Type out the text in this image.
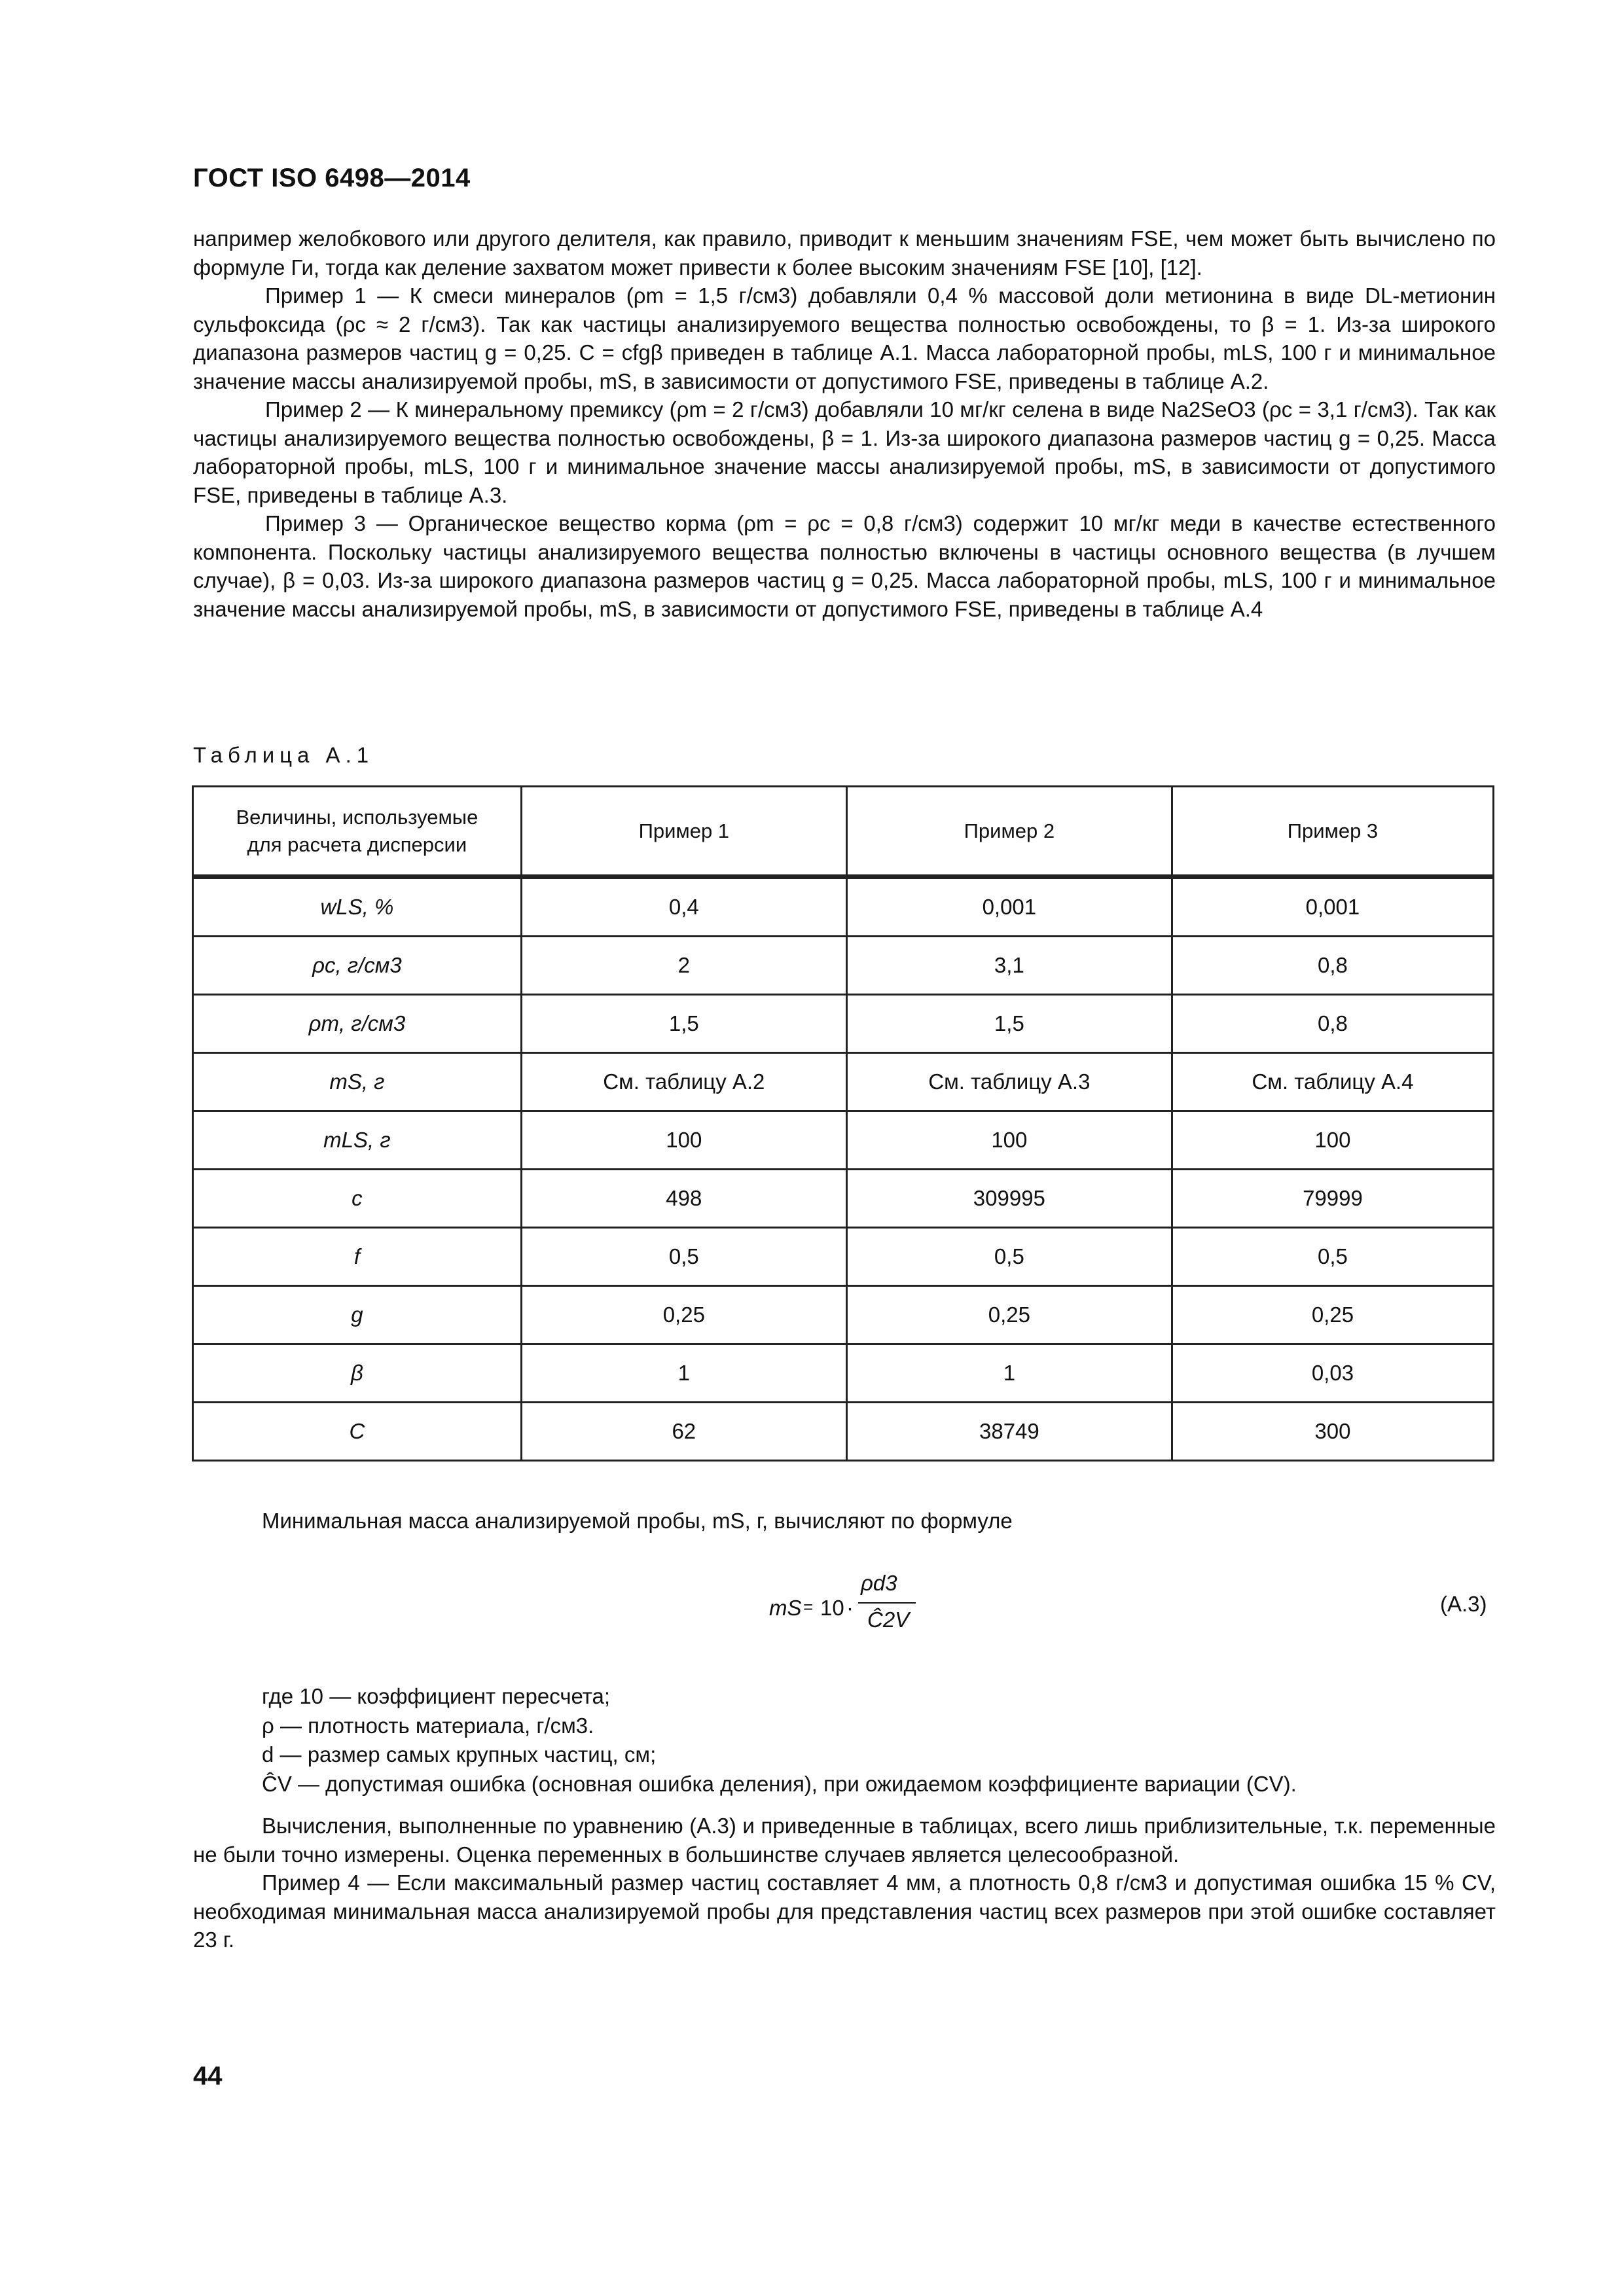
ГОСТ ISO 6498—2014

например желобкового или другого делителя, как правило, приводит к меньшим значениям FSE, чем может быть вычислено по формуле Ги, тогда как деление захватом может привести к более высоким значениям FSE [10], [12].

Пример 1 — К смеси минералов (ρm = 1,5 г/см3) добавляли 0,4 % массовой доли метионина в виде DL-метионин сульфоксида (ρc ≈ 2 г/см3). Так как частицы анализируемого вещества полностью освобождены, то β = 1. Из-за широкого диапазона размеров частиц g = 0,25. C = cfgβ приведен в таблице А.1. Масса лабораторной пробы, mLS, 100 г и минимальное значение массы анализируемой пробы, mS, в зависимости от допустимого FSE, приведены в таблице А.2.

Пример 2 — К минеральному премиксу (ρm = 2 г/см3) добавляли 10 мг/кг селена в виде Na2SeO3 (ρc = 3,1 г/см3). Так как частицы анализируемого вещества полностью освобождены, β = 1. Из-за широкого диапазона размеров частиц g = 0,25. Масса лабораторной пробы, mLS, 100 г и минимальное значение массы анализируемой пробы, mS, в зависимости от допустимого FSE, приведены в таблице А.3.

Пример 3 — Органическое вещество корма (ρm = ρc = 0,8 г/см3) содержит 10 мг/кг меди в качестве естественного компонента. Поскольку частицы анализируемого вещества полностью включены в частицы основного вещества (в лучшем случае), β = 0,03. Из-за широкого диапазона размеров частиц g = 0,25. Масса лабораторной пробы, mLS, 100 г и минимальное значение массы анализируемой пробы, mS, в зависимости от допустимого FSE, приведены в таблице А.4

Таблица А.1
Величины, используемые для расчета дисперсии	Пример 1	Пример 2	Пример 3
wLS, %	0,4	0,001	0,001
ρc, г/см3	2	3,1	0,8
ρm, г/см3	1,5	1,5	0,8
mS, г	См. таблицу А.2	См. таблицу А.3	См. таблицу А.4
mLS, г	100	100	100
c	498	309995	79999
f	0,5	0,5	0,5
g	0,25	0,25	0,25
β	1	1	0,03
C	62	38749	300
Минимальная масса анализируемой пробы, mS, г, вычисляют по формуле
mS = 10 ·
ρd3
Ĉ2V
(А.3)
где 10 — коэффициент пересчета;
ρ — плотность материала, г/см3.
d — размер самых крупных частиц, см;
ĈV — допустимая ошибка (основная ошибка деления), при ожидаемом коэффициенте вариации (CV).

Вычисления, выполненные по уравнению (А.3) и приведенные в таблицах, всего лишь приблизительные, т.к. переменные не были точно измерены. Оценка переменных в большинстве случаев является целесообразной.

Пример 4 — Если максимальный размер частиц составляет 4 мм, а плотность 0,8 г/см3 и допустимая ошибка 15 % CV, необходимая минимальная масса анализируемой пробы для представления частиц всех размеров при этой ошибке составляет 23 г.

44
